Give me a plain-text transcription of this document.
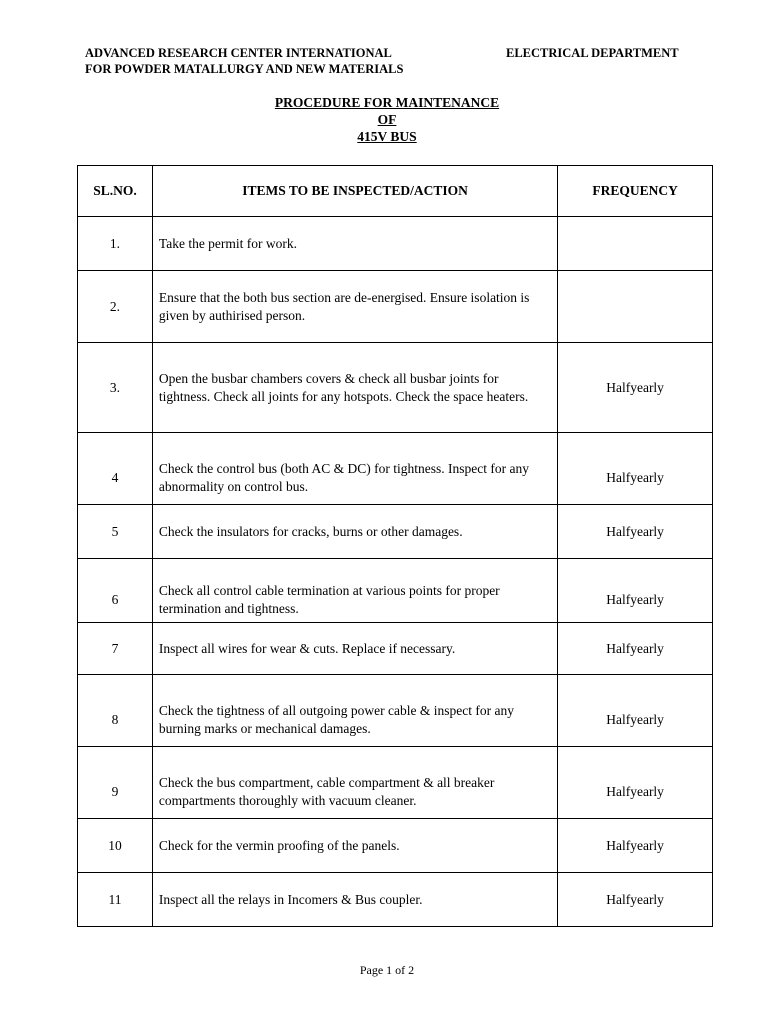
ADVANCED RESEARCH CENTER INTERNATIONAL
FOR POWDER MATALLURGY AND NEW MATERIALS
ELECTRICAL DEPARTMENT
PROCEDURE FOR MAINTENANCE
OF
415V BUS
SL.NO.	ITEMS TO BE INSPECTED/ACTION	FREQUENCY
1.	Take the permit for work.	
2.	Ensure that the both bus section are de-energised. Ensure isolation is given by authirised person.	
3.	Open the busbar chambers covers & check all busbar joints for tightness. Check all joints for any hotspots. Check the space heaters.	Halfyearly
4	Check the control bus (both AC & DC) for tightness. Inspect for any abnormality on control bus.	Halfyearly
5	Check the insulators for cracks, burns or other damages.	Halfyearly
6	Check all control cable termination at various points for proper termination and tightness.	Halfyearly
7	Inspect all wires for wear & cuts. Replace if necessary.	Halfyearly
8	Check the tightness of all outgoing power cable & inspect for any burning marks or mechanical damages.	Halfyearly
9	Check the bus compartment, cable compartment & all breaker compartments thoroughly with vacuum cleaner.	Halfyearly
10	Check for the vermin proofing of the panels.	Halfyearly
11	Inspect all the relays in Incomers & Bus coupler.	Halfyearly
Page 1 of 2
